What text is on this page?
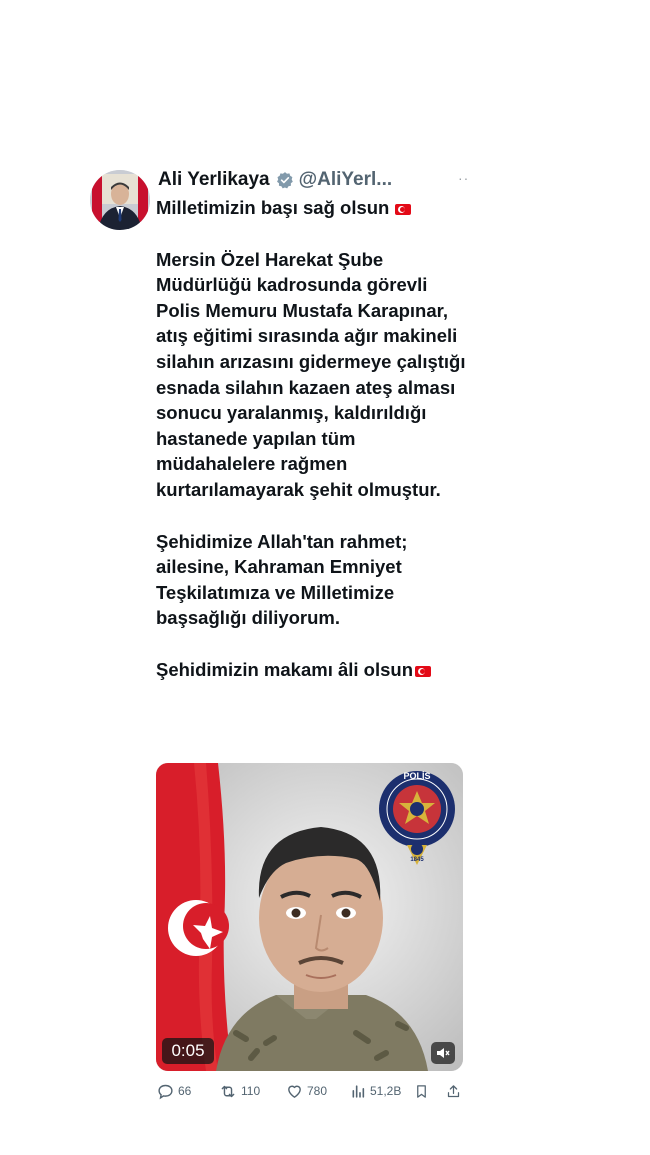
Ali Yerlikaya @AliYerl...	··

Milletimizin başı sağ olsun

Mersin Özel Harekat Şube Müdürlüğü kadrosunda görevli Polis Memuru Mustafa Karapınar, atış eğitimi sırasında ağır makineli silahın arızasını gidermeye çalıştığı esnada silahın kazaen ateş alması sonucu yaralanmış, kaldırıldığı hastanede yapılan tüm müdahalelere rağmen kurtarılamayarak şehit olmuştur.

Şehidimize Allah'tan rahmet; ailesine, Kahraman Emniyet Teşkilatımıza ve Milletimize başsağlığı diliyorum.

Şehidimizin makamı âli olsun

POLİS
1845
0:05
66	110	780	51,2B
